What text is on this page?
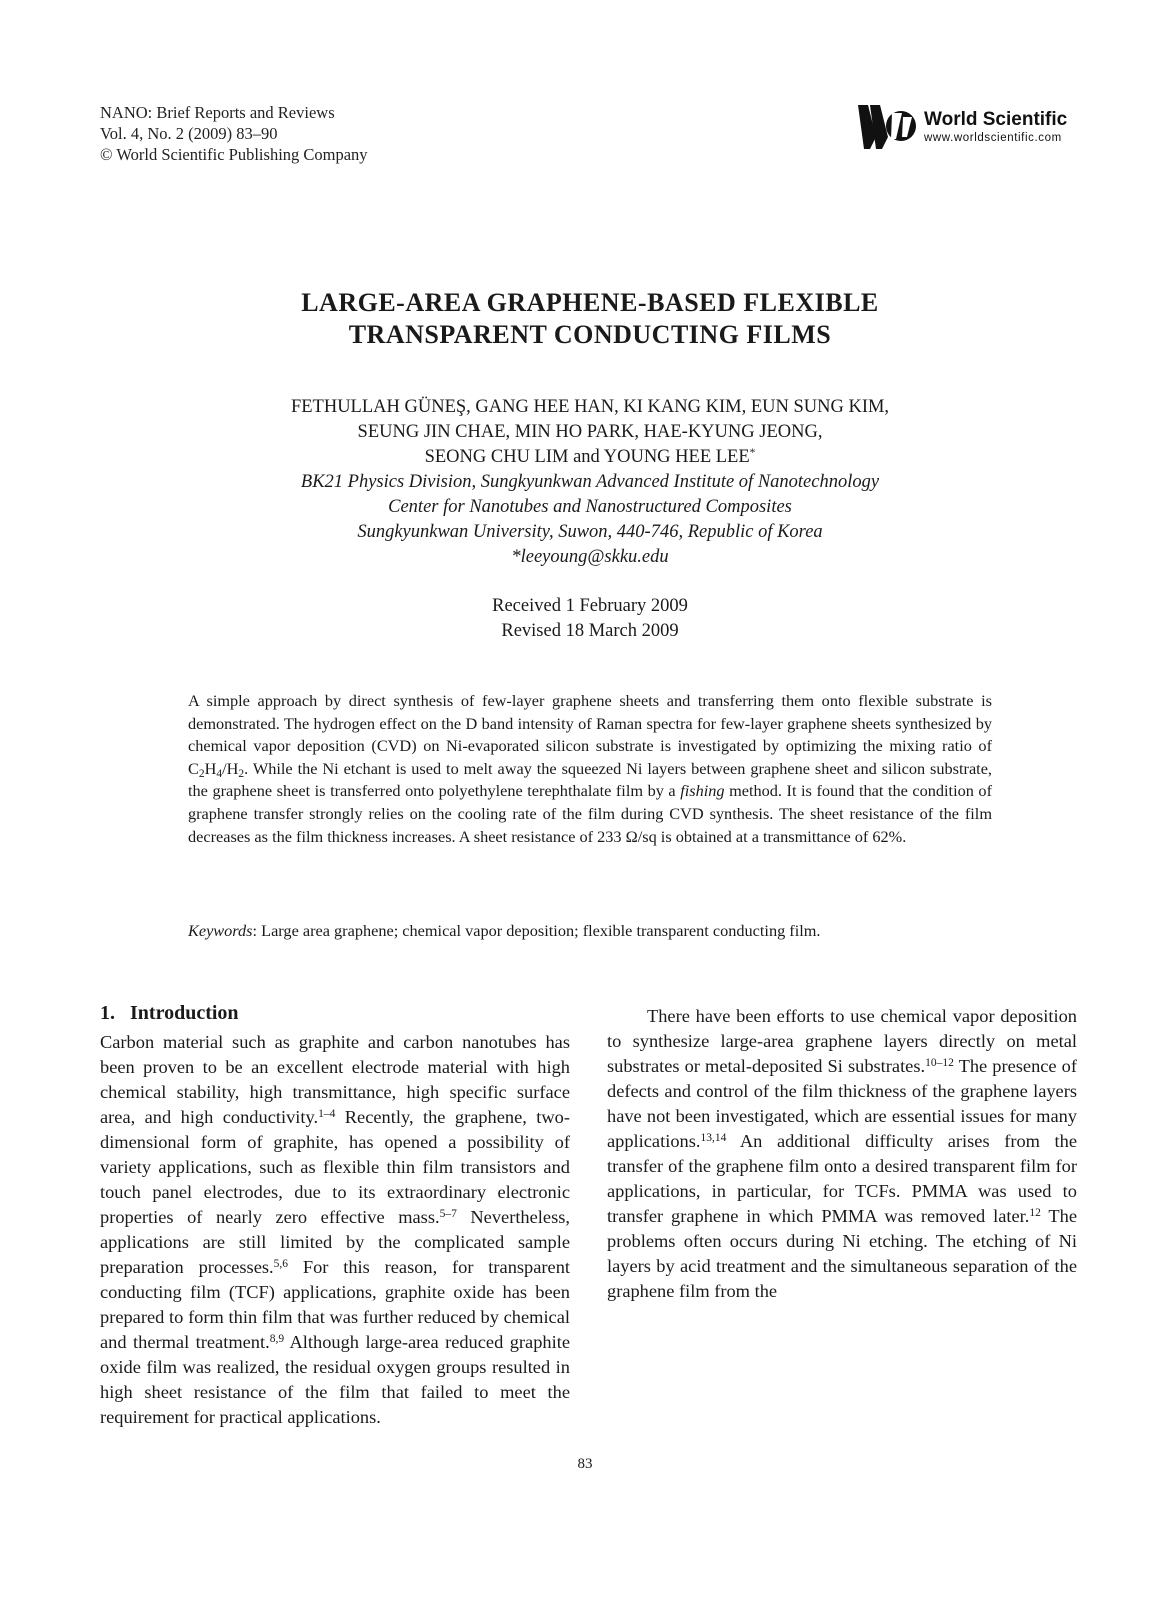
NANO: Brief Reports and Reviews
Vol. 4, No. 2 (2009) 83–90
© World Scientific Publishing Company
World Scientific
www.worldscientific.com
LARGE-AREA GRAPHENE-BASED FLEXIBLE
TRANSPARENT CONDUCTING FILMS
FETHULLAH GÜNEŞ, GANG HEE HAN, KI KANG KIM, EUN SUNG KIM,
SEUNG JIN CHAE, MIN HO PARK, HAE-KYUNG JEONG,
SEONG CHU LIM and YOUNG HEE LEE*
BK21 Physics Division, Sungkyunkwan Advanced Institute of Nanotechnology
Center for Nanotubes and Nanostructured Composites
Sungkyunkwan University, Suwon, 440-746, Republic of Korea
*leeyoung@skku.edu
Received 1 February 2009
Revised 18 March 2009
A simple approach by direct synthesis of few-layer graphene sheets and transferring them onto flexible substrate is demonstrated. The hydrogen effect on the D band intensity of Raman spectra for few-layer graphene sheets synthesized by chemical vapor deposition (CVD) on Ni-evaporated silicon substrate is investigated by optimizing the mixing ratio of $C_2H_4/H_2$. While the Ni etchant is used to melt away the squeezed Ni layers between graphene sheet and silicon substrate, the graphene sheet is transferred onto polyethylene terephthalate film by a fishing method. It is found that the condition of graphene transfer strongly relies on the cooling rate of the film during CVD synthesis. The sheet resistance of the film decreases as the film thickness increases. A sheet resistance of 233 Ω/sq is obtained at a transmittance of 62%.
Keywords: Large area graphene; chemical vapor deposition; flexible transparent conducting film.
1. Introduction

Carbon material such as graphite and carbon nanotubes has been proven to be an excellent electrode material with high chemical stability, high transmittance, high specific surface area, and high conductivity.$^{1-4}$ Recently, the graphene, two-dimensional form of graphite, has opened a possibility of variety applications, such as flexible thin film transistors and touch panel electrodes, due to its extraordinary electronic properties of nearly zero effective mass.$^{5-7}$ Nevertheless, applications are still limited by the complicated sample preparation processes.$^{5,6}$ For this reason, for transparent conducting film (TCF) applications, graphite oxide has been prepared to form thin film that was further reduced by chemical and thermal treatment.$^{8,9}$ Although large-area reduced graphite oxide film was realized, the residual oxygen groups resulted in high sheet resistance of the film that failed to meet the requirement for practical applications.

There have been efforts to use chemical vapor deposition to synthesize large-area graphene layers directly on metal substrates or metal-deposited Si substrates.$^{10-12}$ The presence of defects and control of the film thickness of the graphene layers have not been investigated, which are essential issues for many applications.$^{13,14}$ An additional difficulty arises from the transfer of the graphene film onto a desired transparent film for applications, in particular, for TCFs. PMMA was used to transfer graphene in which PMMA was removed later.$^{12}$ The problems often occurs during Ni etching. The etching of Ni layers by acid treatment and the simultaneous separation of the graphene film from the

83
